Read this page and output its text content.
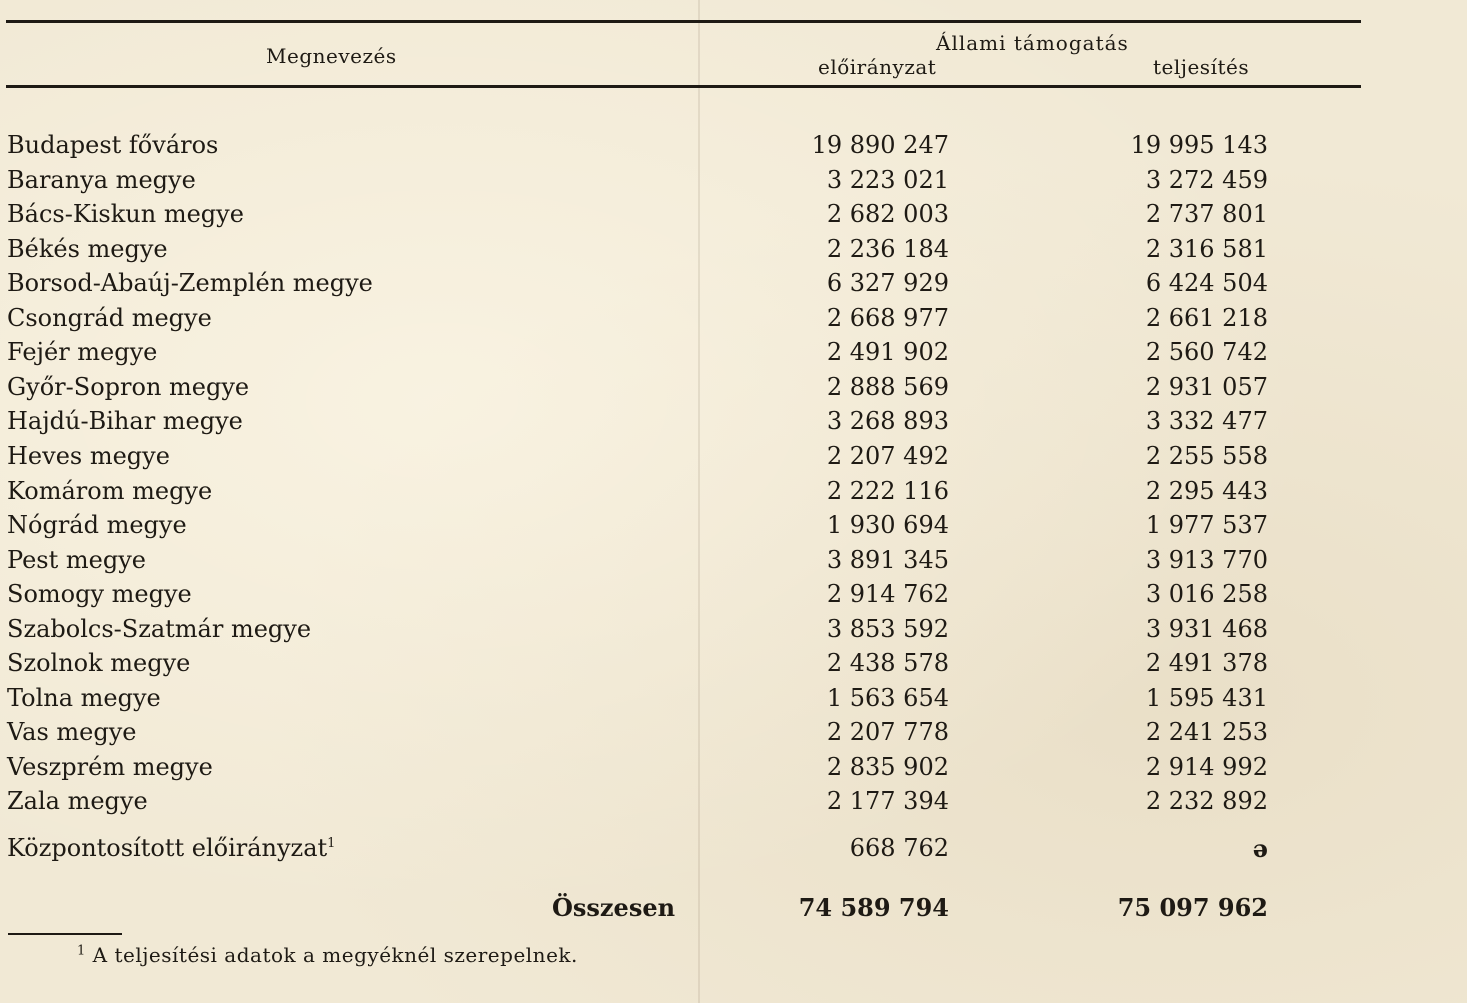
Megnevezés
Állami támogatás
előirányzat	teljesítés
Budapest főváros	19 890 247	19 995 143
Baranya megye	3 223 021	3 272 459
Bács-Kiskun megye	2 682 003	2 737 801
Békés megye	2 236 184	2 316 581
Borsod-Abaúj-Zemplén megye	6 327 929	6 424 504
Csongrád megye	2 668 977	2 661 218
Fejér megye	2 491 902	2 560 742
Győr-Sopron megye	2 888 569	2 931 057
Hajdú-Bihar megye	3 268 893	3 332 477
Heves megye	2 207 492	2 255 558
Komárom megye	2 222 116	2 295 443
Nógrád megye	1 930 694	1 977 537
Pest megye	3 891 345	3 913 770
Somogy megye	2 914 762	3 016 258
Szabolcs-Szatmár megye	3 853 592	3 931 468
Szolnok megye	2 438 578	2 491 378
Tolna megye	1 563 654	1 595 431
Vas megye	2 207 778	2 241 253
Veszprém megye	2 835 902	2 914 992
Zala megye	2 177 394	2 232 892
Központosított előirányzat$^1$	668 762	ǝ
Összesen	74 589 794	75 097 962
$^1$ A teljesítési adatok a megyéknél szerepelnek.
